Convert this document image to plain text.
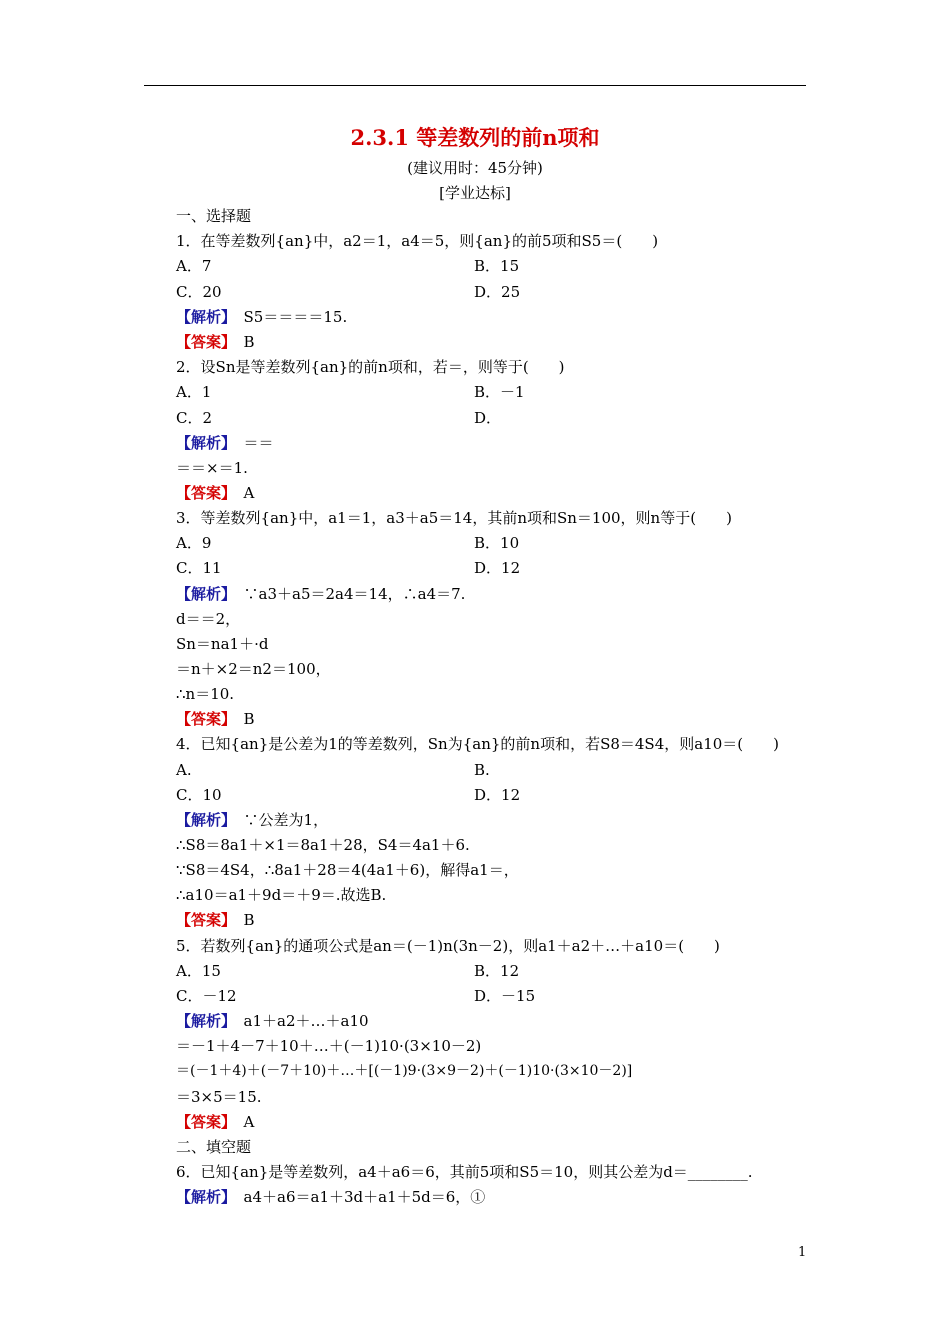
2.3.1 等差数列的前n项和
(建议用时：45分钟)
[学业达标]
一、选择题
1．在等差数列{an}中，a2＝1，a4＝5，则{an}的前5项和S5＝(　　)
A．7	B．15
C．20	D．25
【解析】　 S5＝＝＝＝15.
【答案】　 B
2．设Sn是等差数列{an}的前n项和，若＝，则等于(　　)
A．1	B．－1
C．2	D．
【解析】　 ＝＝
＝＝×＝1.
【答案】　 A
3．等差数列{an}中，a1＝1，a3＋a5＝14，其前n项和Sn＝100，则n等于(　　)
A．9	B．10
C．11	D．12
【解析】　 ∵a3＋a5＝2a4＝14，∴a4＝7.
d＝＝2，
Sn＝na1＋·d
＝n＋×2＝n2＝100，
∴n＝10.
【答案】　 B
4．已知{an}是公差为1的等差数列，Sn为{an}的前n项和，若S8＝4S4，则a10＝(　　)
A.	B.
C．10	D．12
【解析】　 ∵公差为1，
∴S8＝8a1＋×1＝8a1＋28，S4＝4a1＋6.
∵S8＝4S4，∴8a1＋28＝4(4a1＋6)，解得a1＝，
∴a10＝a1＋9d＝＋9＝.故选B.
【答案】　 B
5．若数列{an}的通项公式是an＝(－1)n(3n－2)，则a1＋a2＋…＋a10＝(　　)
A．15	B．12
C．－12	D．－15
【解析】　 a1＋a2＋…＋a10
＝－1＋4－7＋10＋…＋(－1)10·(3×10－2)
＝(－1＋4)＋(－7＋10)＋…＋[(－1)9·(3×9－2)＋(－1)10·(3×10－2)]
＝3×5＝15.
【答案】　 A
二、填空题
6．已知{an}是等差数列，a4＋a6＝6，其前5项和S5＝10，则其公差为d＝________.
【解析】　 a4＋a6＝a1＋3d＋a1＋5d＝6，①
1
